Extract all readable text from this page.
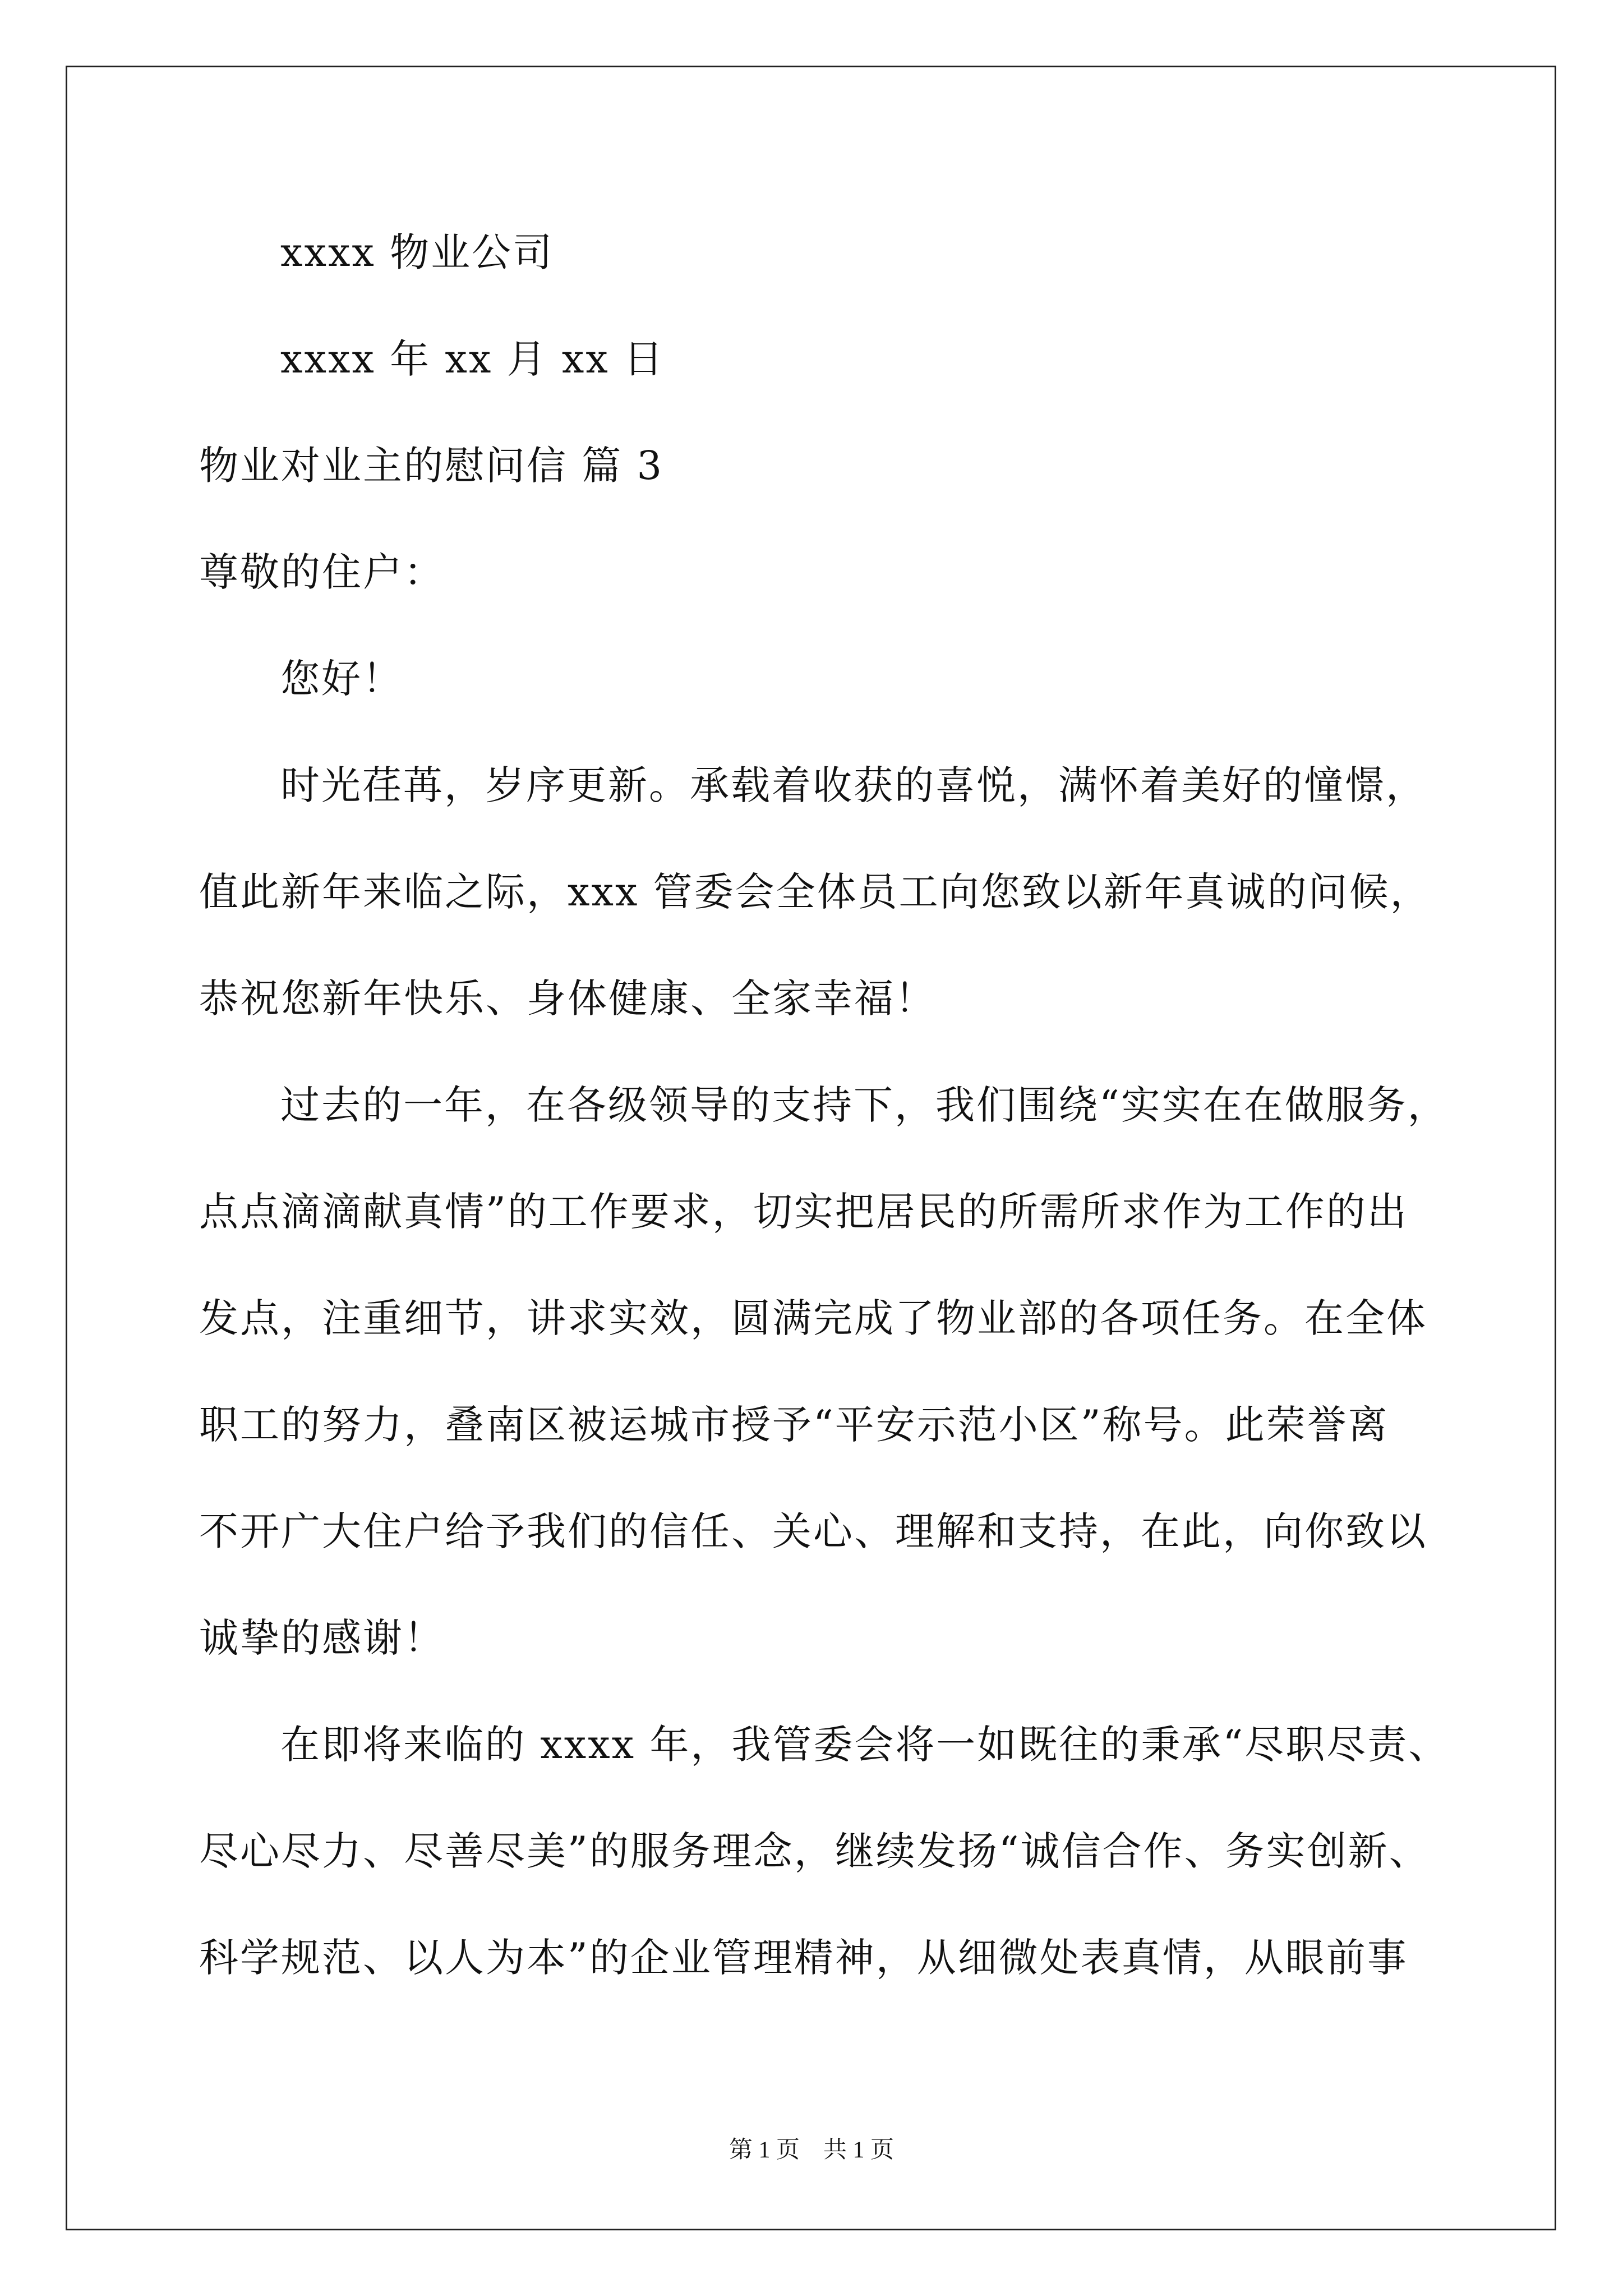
xxxx 物业公司
xxxx 年 xx 月 xx 日
物业对业主的慰问信 篇 3
尊敬的住户：
您好！
时光荏苒，岁序更新。承载着收获的喜悦，满怀着美好的憧憬，
值此新年来临之际，xxx 管委会全体员工向您致以新年真诚的问候，
恭祝您新年快乐、身体健康、全家幸福！
过去的一年，在各级领导的支持下，我们围绕“实实在在做服务，
点点滴滴献真情”的工作要求，切实把居民的所需所求作为工作的出
发点，注重细节，讲求实效，圆满完成了物业部的各项任务。在全体
职工的努力，叠南区被运城市授予“平安示范小区”称号。此荣誉离
不开广大住户给予我们的信任、关心、理解和支持，在此，向你致以
诚挚的感谢！
在即将来临的 xxxx 年，我管委会将一如既往的秉承“尽职尽责、
尽心尽力、尽善尽美”的服务理念，继续发扬“诚信合作、务实创新、
科学规范、以人为本”的企业管理精神，从细微处表真情，从眼前事
第 1 页    共 1 页
